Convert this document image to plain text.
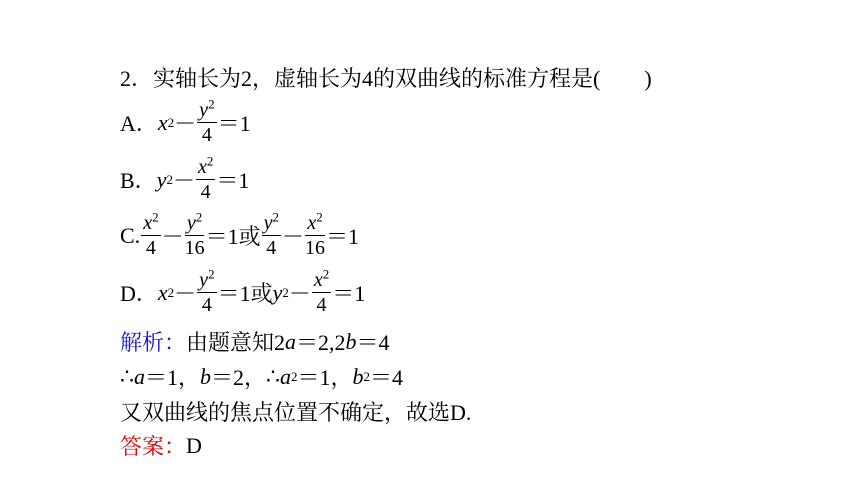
2．实轴长为2，虚轴长为4的双曲线的标准方程是(　　)
A． x $2 - \frac{y^2}{4} =1$
B． y $2 - \frac{x^2}{4} =1$
C. $\frac{x^2}{4} - \frac{y^2}{16} =1$或 $\frac{y^2}{4} - \frac{x^2}{16} =1$
D． x $2 - \frac{y^2}{4} =1$或 y $2 - \frac{x^2}{4} =1$
解析： 由题意知2 a ＝2,2 b ＝4
∴ a ＝1， b ＝2， ∴ a 2 ＝1， b 2 ＝4
又双曲线的焦点位置不确定，故选D.
答案： D
